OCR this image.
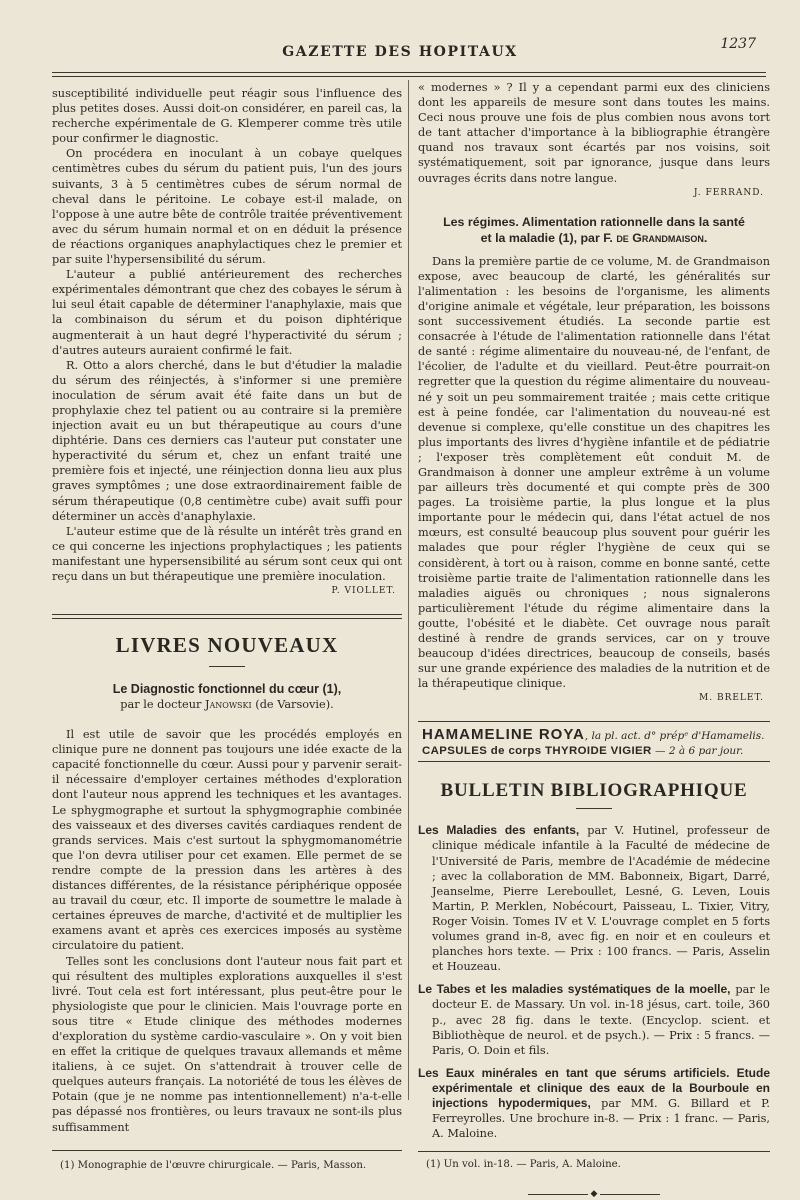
GAZETTE DES HOPITAUX	1237

susceptibilité individuelle peut réagir sous l'influence des plus petites doses. Aussi doit-on considérer, en pareil cas, la recherche expérimentale de G. Klemperer comme très utile pour confirmer le diagnostic.

On procédera en inoculant à un cobaye quelques centimètres cubes du sérum du patient puis, l'un des jours suivants, 3 à 5 centimètres cubes de sérum normal de cheval dans le péritoine. Le cobaye est-il malade, on l'oppose à une autre bête de contrôle traitée préventivement avec du sérum humain normal et on en déduit la présence de réactions organiques anaphylactiques chez le premier et par suite l'hypersensibilité du sérum.

L'auteur a publié antérieurement des recherches expérimentales démontrant que chez des cobayes le sérum à lui seul était capable de déterminer l'anaphylaxie, mais que la combinaison du sérum et du poison diphtérique augmenterait à un haut degré l'hyperactivité du sérum ; d'autres auteurs auraient confirmé le fait.

R. Otto a alors cherché, dans le but d'étudier la maladie du sérum des réinjectés, à s'informer si une première inoculation de sérum avait été faite dans un but de prophylaxie chez tel patient ou au contraire si la première injection avait eu un but thérapeutique au cours d'une diphtérie. Dans ces derniers cas l'auteur put constater une hyperactivité du sérum et, chez un enfant traité une première fois et injecté, une réinjection donna lieu aux plus graves symptômes ; une dose extraordinairement faible de sérum thérapeutique (0,8 centimètre cube) avait suffi pour déterminer un accès d'anaphylaxie.

L'auteur estime que de là résulte un intérêt très grand en ce qui concerne les injections prophylactiques ; les patients manifestant une hypersensibilité au sérum sont ceux qui ont reçu dans un but thérapeutique une première inoculation.

P. VIOLLET.
LIVRES NOUVEAUX
Le Diagnostic fonctionnel du cœur (1),
par le docteur Janowski (de Varsovie).

Il est utile de savoir que les procédés employés en clinique pure ne donnent pas toujours une idée exacte de la capacité fonctionnelle du cœur. Aussi pour y parvenir serait-il nécessaire d'employer certaines méthodes d'exploration dont l'auteur nous apprend les techniques et les avantages. Le sphygmographe et surtout la sphygmographie combinée des vaisseaux et des diverses cavités cardiaques rendent de grands services. Mais c'est surtout la sphygmomanométrie que l'on devra utiliser pour cet examen. Elle permet de se rendre compte de la pression dans les artères à des distances différentes, de la résistance périphérique opposée au travail du cœur, etc. Il importe de soumettre le malade à certaines épreuves de marche, d'activité et de multiplier les examens avant et après ces exercices imposés au système circulatoire du patient.

Telles sont les conclusions dont l'auteur nous fait part et qui résultent des multiples explorations auxquelles il s'est livré. Tout cela est fort intéressant, plus peut-être pour le physiologiste que pour le clinicien. Mais l'ouvrage porte en sous titre « Etude clinique des méthodes modernes d'exploration du système cardio-vasculaire ». On y voit bien en effet la critique de quelques travaux allemands et même italiens, à ce sujet. On s'attendrait à trouver celle de quelques auteurs français. La notoriété de tous les élèves de Potain (que je ne nomme pas intentionnellement) n'a-t-elle pas dépassé nos frontières, ou leurs travaux ne sont-ils plus suffisamment

(1) Monographie de l'œuvre chirurgicale. — Paris, Masson.

« modernes » ? Il y a cependant parmi eux des cliniciens dont les appareils de mesure sont dans toutes les mains. Ceci nous prouve une fois de plus combien nous avons tort de tant attacher d'importance à la bibliographie étrangère quand nos travaux sont écartés par nos voisins, soit systématiquement, soit par ignorance, jusque dans leurs ouvrages écrits dans notre langue.

J. FERRAND.
Les régimes. Alimentation rationnelle dans la santé
et la maladie (1), par F. de Grandmaison.

Dans la première partie de ce volume, M. de Grandmaison expose, avec beaucoup de clarté, les généralités sur l'alimentation : les besoins de l'organisme, les aliments d'origine animale et végétale, leur préparation, les boissons sont successivement étudiés. La seconde partie est consacrée à l'étude de l'alimentation rationnelle dans l'état de santé : régime alimentaire du nouveau-né, de l'enfant, de l'écolier, de l'adulte et du vieillard. Peut-être pourrait-on regretter que la question du régime alimentaire du nouveau-né y soit un peu sommairement traitée ; mais cette critique est à peine fondée, car l'alimentation du nouveau-né est devenue si complexe, qu'elle constitue un des chapitres les plus importants des livres d'hygiène infantile et de pédiatrie ; l'exposer très complètement eût conduit M. de Grandmaison à donner une ampleur extrême à un volume par ailleurs très documenté et qui compte près de 300 pages. La troisième partie, la plus longue et la plus importante pour le médecin qui, dans l'état actuel de nos mœurs, est consulté beaucoup plus souvent pour guérir les malades que pour régler l'hygiène de ceux qui se considèrent, à tort ou à raison, comme en bonne santé, cette troisième partie traite de l'alimentation rationnelle dans les maladies aiguës ou chroniques ; nous signalerons particulièrement l'étude du régime alimentaire dans la goutte, l'obésité et le diabète. Cet ouvrage nous paraît destiné à rendre de grands services, car on y trouve beaucoup d'idées directrices, beaucoup de conseils, basés sur une grande expérience des maladies de la nutrition et de la thérapeutique clinique.

M. BRELET.
HAMAMELINE ROYA, la pl. act. d° prépᵉ d'Hamamelis.
CAPSULES de corps THYROIDE VIGIER — 2 à 6 par jour.
BULLETIN BIBLIOGRAPHIQUE
Les Maladies des enfants, par V. Hutinel, professeur de clinique médicale infantile à la Faculté de médecine de l'Université de Paris, membre de l'Académie de médecine ; avec la collaboration de MM. Babonneix, Bigart, Darré, Jeanselme, Pierre Lereboullet, Lesné, G. Leven, Louis Martin, P. Merklen, Nobécourt, Paisseau, L. Tixier, Vitry, Roger Voisin. Tomes IV et V. L'ouvrage complet en 5 forts volumes grand in-8, avec fig. en noir et en couleurs et planches hors texte. — Prix : 100 francs. — Paris, Asselin et Houzeau.
Le Tabes et les maladies systématiques de la moelle, par le docteur E. de Massary. Un vol. in-18 jésus, cart. toile, 360 p., avec 28 fig. dans le texte. (Encyclop. scient. et Bibliothèque de neurol. et de psych.). — Prix : 5 francs. — Paris, O. Doin et fils.
Les Eaux minérales en tant que sérums artificiels. Etude expérimentale et clinique des eaux de la Bourboule en injections hypodermiques, par MM. G. Billard et P. Ferreyrolles. Une brochure in-8. — Prix : 1 franc. — Paris, A. Maloine.
(1) Un vol. in-18. — Paris, A. Maloine.
◆
